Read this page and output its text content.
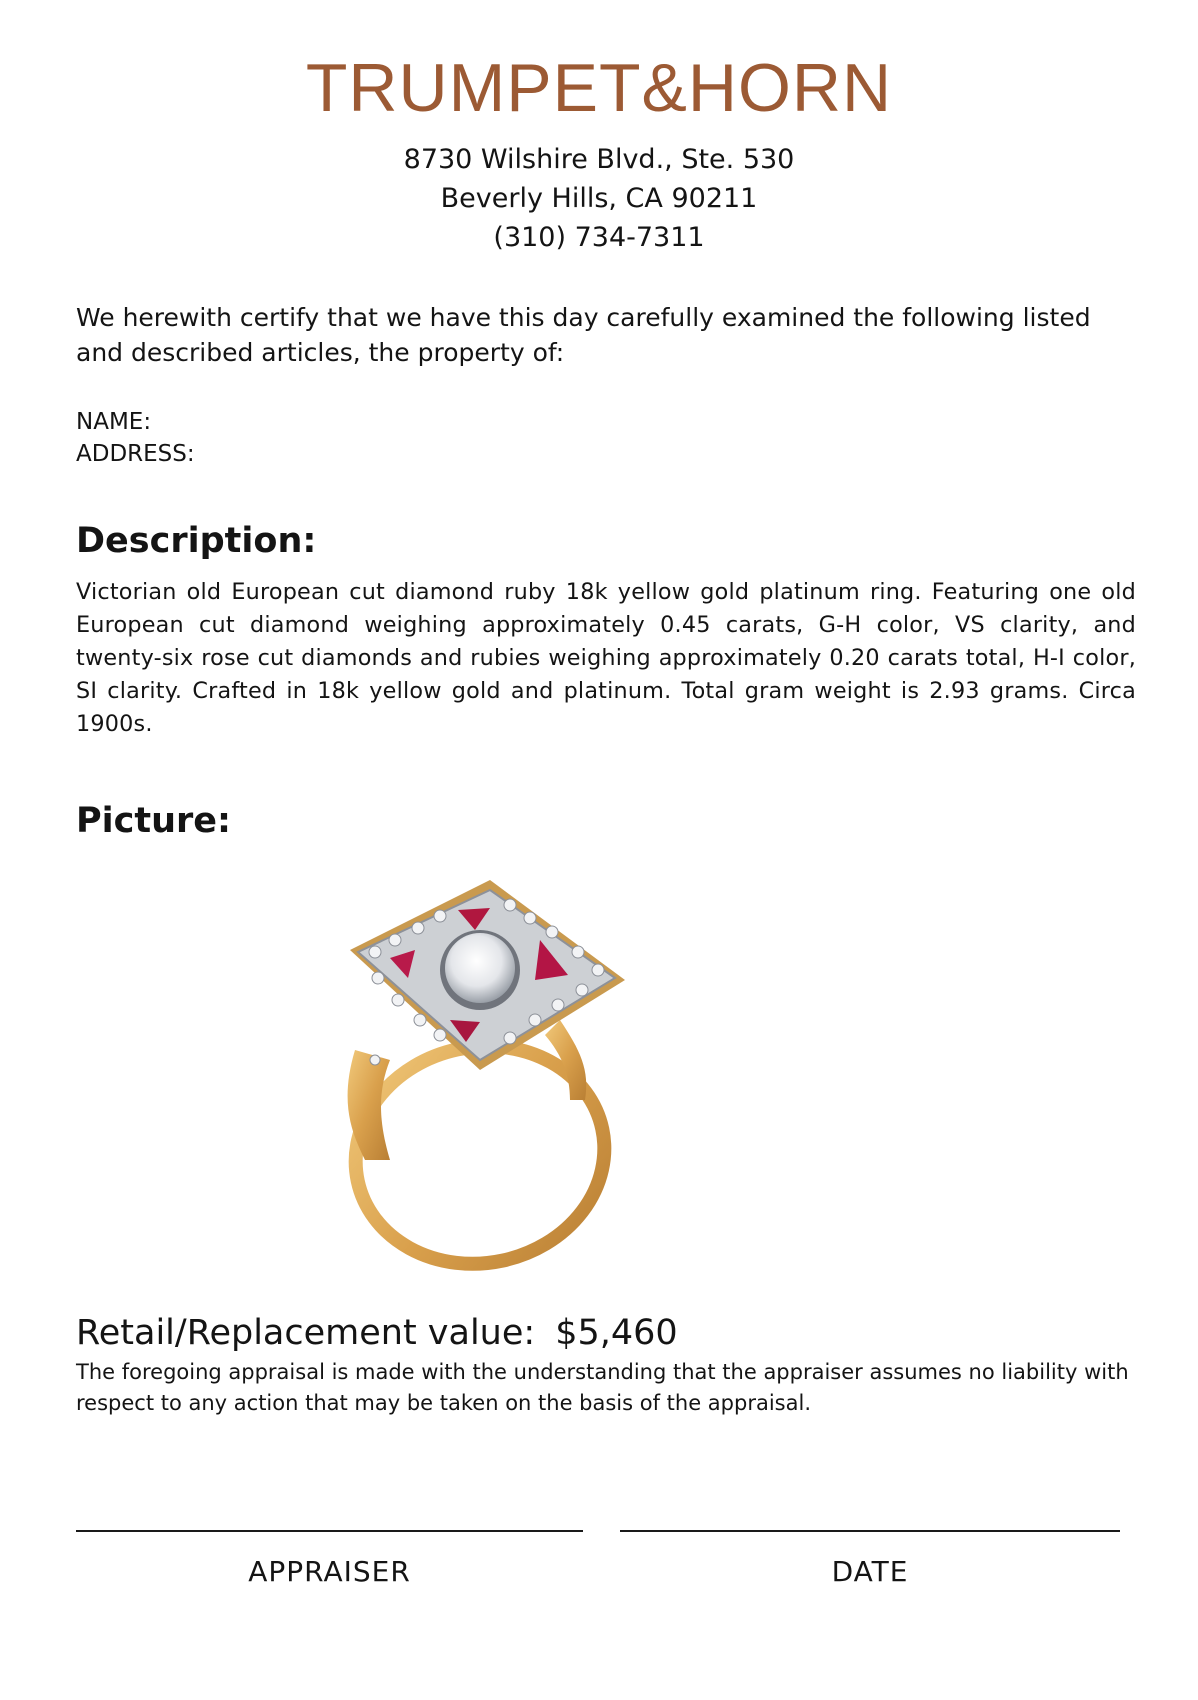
TRUMPET&HORN
8730 Wilshire Blvd., Ste. 530
Beverly Hills, CA 90211
(310) 734-7311

We herewith certify that we have this day carefully examined the following listed and described articles, the property of:

NAME:
ADDRESS:
Description:

Victorian old European cut diamond ruby 18k yellow gold platinum ring. Featuring one old European cut diamond weighing approximately 0.45 carats, G-H color, VS clarity, and twenty-six rose cut diamonds and rubies weighing approximately 0.20 carats total, H-I color, SI clarity. Crafted in 18k yellow gold and platinum. Total gram weight is 2.93 grams. Circa 1900s.

Picture:
Retail/Replacement value: $5,460

The foregoing appraisal is made with the understanding that the appraiser assumes no liability with respect to any action that may be taken on the basis of the appraisal.

APPRAISER	DATE
